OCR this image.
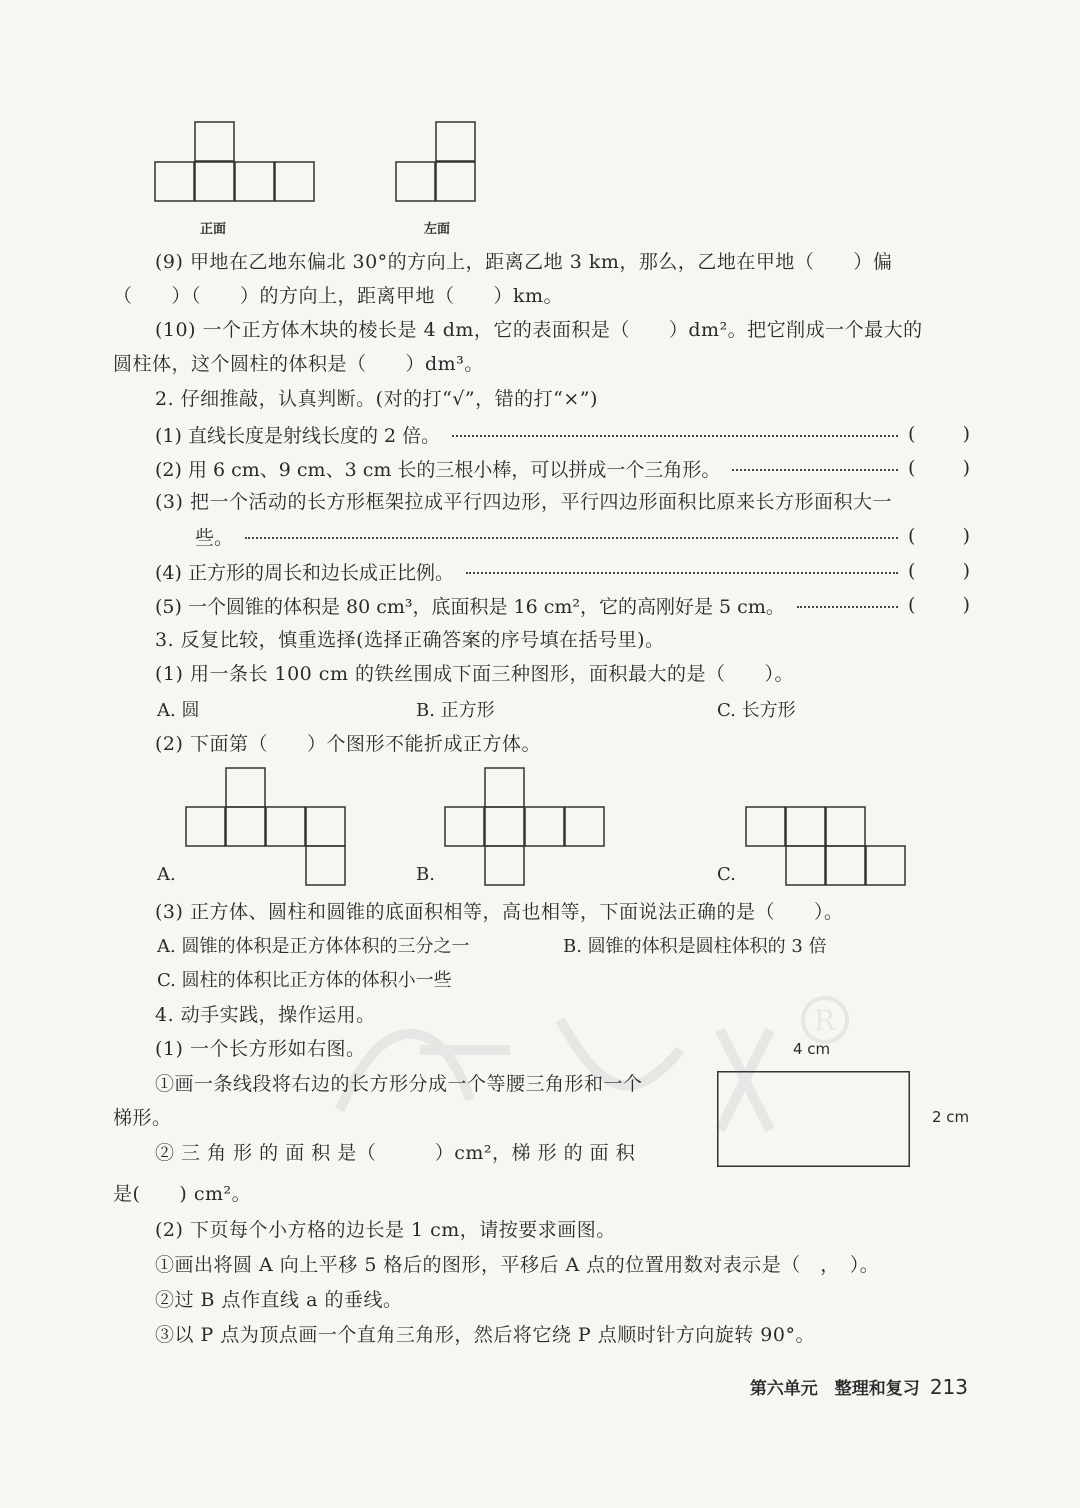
R
正面	左面

(9) 甲地在乙地东偏北 30°的方向上，距离乙地 3 km，那么，乙地在甲地（　　）偏

（　　）（　　）的方向上，距离甲地（　　）km。

(10) 一个正方体木块的棱长是 4 dm，它的表面积是（　　）dm²。把它削成一个最大的

圆柱体，这个圆柱的体积是（　　）dm³。

2. 仔细推敲，认真判断。(对的打“√”，错的打“×”)

(1) 直线长度是射线长度的 2 倍。	( )
(2) 用 6 cm、9 cm、3 cm 长的三根小棒，可以拼成一个三角形。	( )

(3) 把一个活动的长方形框架拉成平行四边形，平行四边形面积比原来长方形面积大一

些。	( )
(4) 正方形的周长和边长成正比例。	( )
(5) 一个圆锥的体积是 80 cm³，底面积是 16 cm²，它的高刚好是 5 cm。	( )

3. 反复比较，慎重选择(选择正确答案的序号填在括号里)。

(1) 用一条长 100 cm 的铁丝围成下面三种图形，面积最大的是（　　）。

A. 圆	B. 正方形	C. 长方形

(2) 下面第（　　）个图形不能折成正方体。

A.	B.	C.

(3) 正方体、圆柱和圆锥的底面积相等，高也相等，下面说法正确的是（　　）。

A. 圆锥的体积是正方体体积的三分之一	B. 圆锥的体积是圆柱体积的 3 倍
C. 圆柱的体积比正方体的体积小一些

4. 动手实践，操作运用。

(1) 一个长方形如右图。

①画一条线段将右边的长方形分成一个等腰三角形和一个

梯形。

② 三 角 形 的 面 积 是（　　　）cm²，梯 形 的 面 积

是(　　) cm²。

4 cm
2 cm

(2) 下页每个小方格的边长是 1 cm，请按要求画图。

①画出将圆 A 向上平移 5 格后的图形，平移后 A 点的位置用数对表示是（　，　）。

②过 B 点作直线 a 的垂线。

③以 P 点为顶点画一个直角三角形，然后将它绕 P 点顺时针方向旋转 90°。

第六单元　整理和复习 213
